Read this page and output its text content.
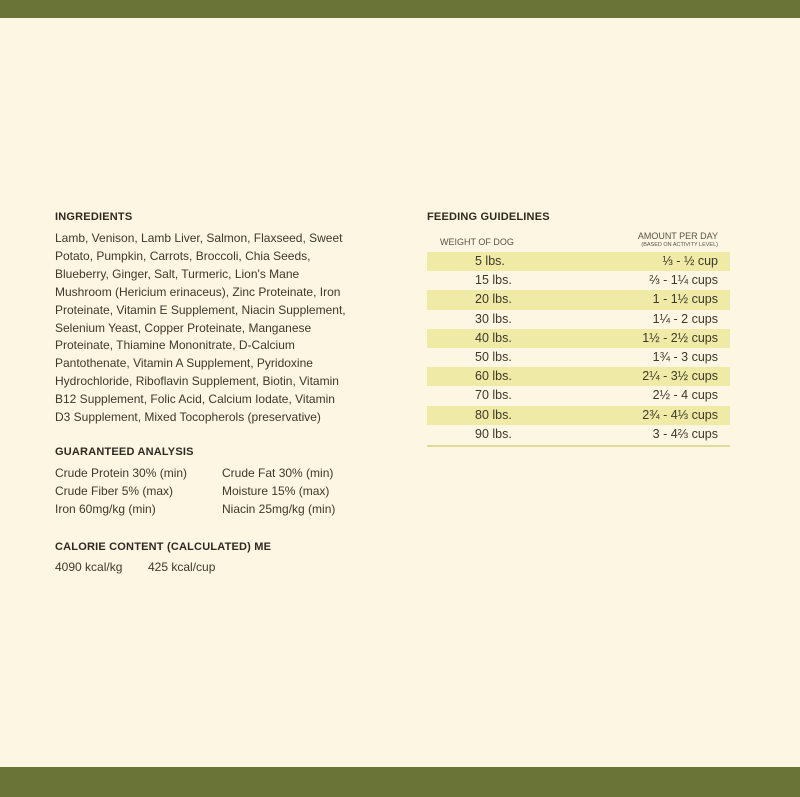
INGREDIENTS
Lamb, Venison, Lamb Liver, Salmon, Flaxseed, Sweet
Potato, Pumpkin, Carrots, Broccoli, Chia Seeds,
Blueberry, Ginger, Salt, Turmeric, Lion's Mane
Mushroom (Hericium erinaceus), Zinc Proteinate, Iron
Proteinate, Vitamin E Supplement, Niacin Supplement,
Selenium Yeast, Copper Proteinate, Manganese
Proteinate, Thiamine Mononitrate, D-Calcium
Pantothenate, Vitamin A Supplement, Pyridoxine
Hydrochloride, Riboflavin Supplement, Biotin, Vitamin
B12 Supplement, Folic Acid, Calcium Iodate, Vitamin
D3 Supplement, Mixed Tocopherols (preservative)
GUARANTEED ANALYSIS
Crude Protein 30% (min)	Crude Fat 30% (min)
Crude Fiber 5% (max)	Moisture 15% (max)
Iron 60mg/kg (min)	Niacin 25mg/kg (min)
CALORIE CONTENT (CALCULATED) ME
4090 kcal/kg 425 kcal/cup
FEEDING GUIDELINES
WEIGHT OF DOG
AMOUNT PER DAY
(BASED ON ACTIVITY LEVEL)
5 lbs.	⅓ - ½ cup
15 lbs.	⅔ - 1¼ cups
20 lbs.	1 - 1½ cups
30 lbs.	1¼ - 2 cups
40 lbs.	1½ - 2½ cups
50 lbs.	1¾ - 3 cups
60 lbs.	2¼ - 3½ cups
70 lbs.	2½ - 4 cups
80 lbs.	2¾ - 4⅓ cups
90 lbs.	3 - 4⅔ cups
